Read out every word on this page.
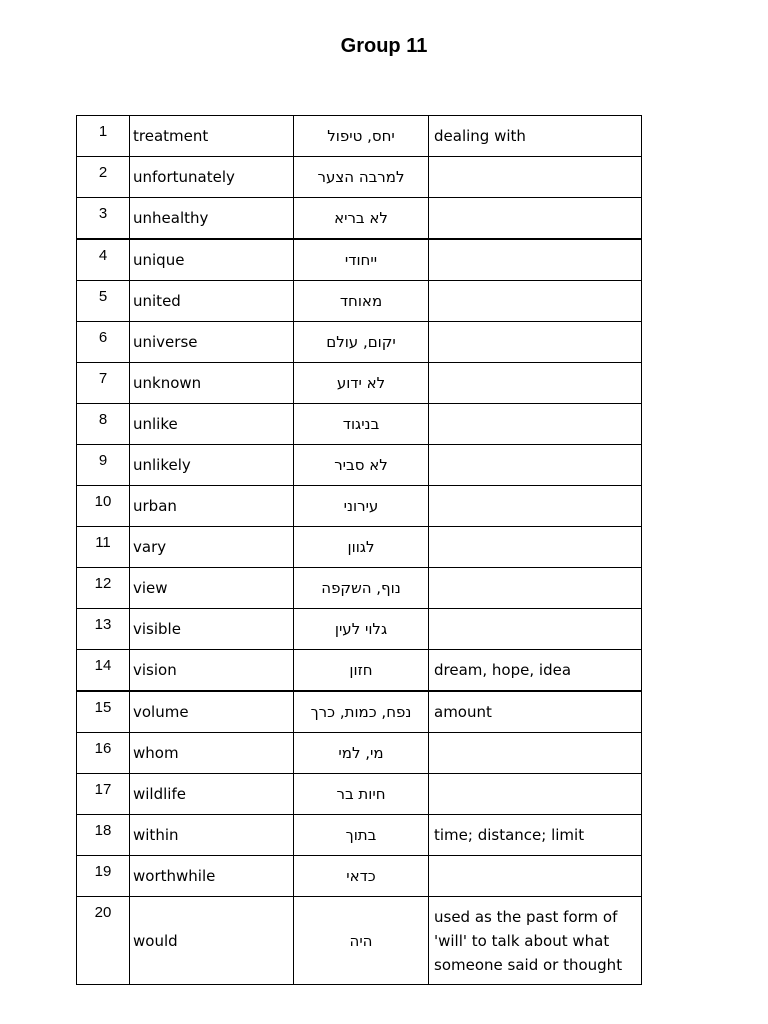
Group 11
1	treatment	יחס, טיפול	dealing with
2	unfortunately	למרבה הצער	
3	unhealthy	לא בריא	
4	unique	ייחודי	
5	united	מאוחד	
6	universe	יקום, עולם	
7	unknown	לא ידוע	
8	unlike	בניגוד	
9	unlikely	לא סביר	
10	urban	עירוני	
11	vary	לגוון	
12	view	נוף, השקפה	
13	visible	גלוי לעין	
14	vision	חזון	dream, hope, idea
15	volume	נפח, כמות, כרך	amount
16	whom	מי, למי	
17	wildlife	חיות בר	
18	within	בתוך	time; distance; limit
19	worthwhile	כדאי	
20	would	היה	used as the past form of 'will' to talk about what someone said or thought
